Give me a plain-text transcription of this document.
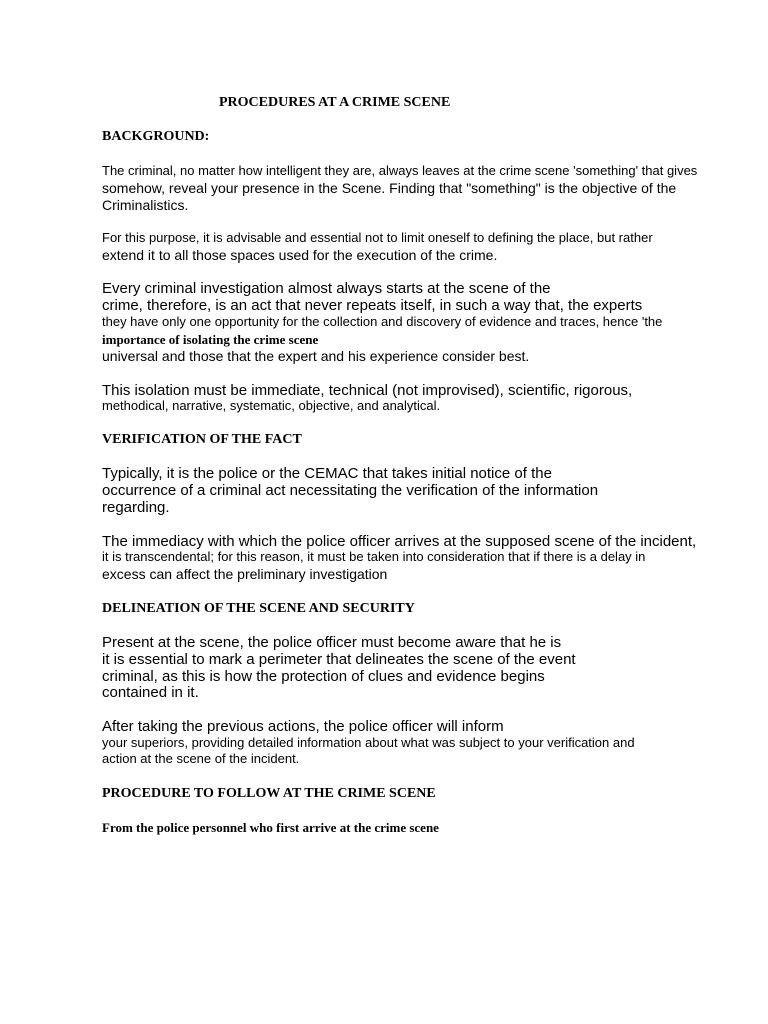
PROCEDURES AT A CRIME SCENE
BACKGROUND:
The criminal, no matter how intelligent they are, always leaves at the crime scene 'something' that gives
somehow, reveal your presence in the Scene. Finding that "something" is the objective of the
Criminalistics.
For this purpose, it is advisable and essential not to limit oneself to defining the place, but rather
extend it to all those spaces used for the execution of the crime.
Every criminal investigation almost always starts at the scene of the
crime, therefore, is an act that never repeats itself, in such a way that, the experts
they have only one opportunity for the collection and discovery of evidence and traces, hence 'the
importance of isolating the crime scene
universal and those that the expert and his experience consider best.
This isolation must be immediate, technical (not improvised), scientific, rigorous,
methodical, narrative, systematic, objective, and analytical.
VERIFICATION OF THE FACT
Typically, it is the police or the CEMAC that takes initial notice of the
occurrence of a criminal act necessitating the verification of the information
regarding.
The immediacy with which the police officer arrives at the supposed scene of the incident,
it is transcendental; for this reason, it must be taken into consideration that if there is a delay in
excess can affect the preliminary investigation
DELINEATION OF THE SCENE AND SECURITY
Present at the scene, the police officer must become aware that he is
it is essential to mark a perimeter that delineates the scene of the event
criminal, as this is how the protection of clues and evidence begins
contained in it.
After taking the previous actions, the police officer will inform
your superiors, providing detailed information about what was subject to your verification and
action at the scene of the incident.
PROCEDURE TO FOLLOW AT THE CRIME SCENE
From the police personnel who first arrive at the crime scene
